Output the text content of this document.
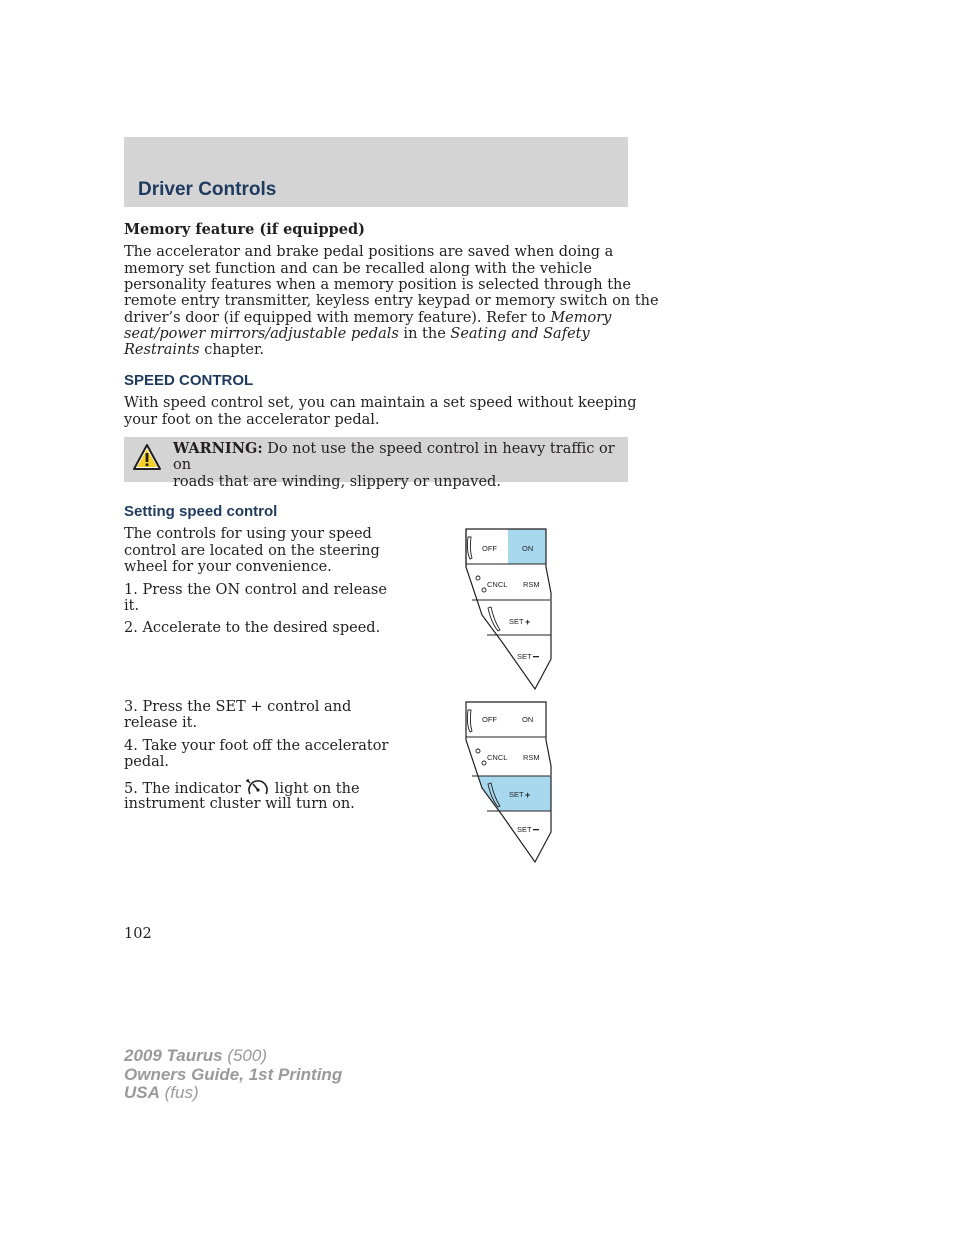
Driver Controls

Memory feature (if equipped)

The accelerator and brake pedal positions are saved when doing a

memory set function and can be recalled along with the vehicle

personality features when a memory position is selected through the

remote entry transmitter, keyless entry keypad or memory switch on the

driver’s door (if equipped with memory feature). Refer to Memory

seat/power mirrors/adjustable pedals in the Seating and Safety

Restraints chapter.

SPEED CONTROL

With speed control set, you can maintain a set speed without keeping

your foot on the accelerator pedal.

WARNING: Do not use the speed control in heavy traffic or on
roads that are winding, slippery or unpaved.

Setting speed control

The controls for using your speed

control are located on the steering

wheel for your convenience.

1. Press the ON control and release

it.

2. Accelerate to the desired speed.

3. Press the SET + control and

release it.

4. Take your foot off the accelerator

pedal.

5. The indicator light on the

instrument cluster will turn on.

OFF	ON
CNCL RSM
SET +
SET
OFF	ON
CNCL RSM
SET +
SET

102

2009 Taurus (500)
Owners Guide, 1st Printing
USA (fus)
